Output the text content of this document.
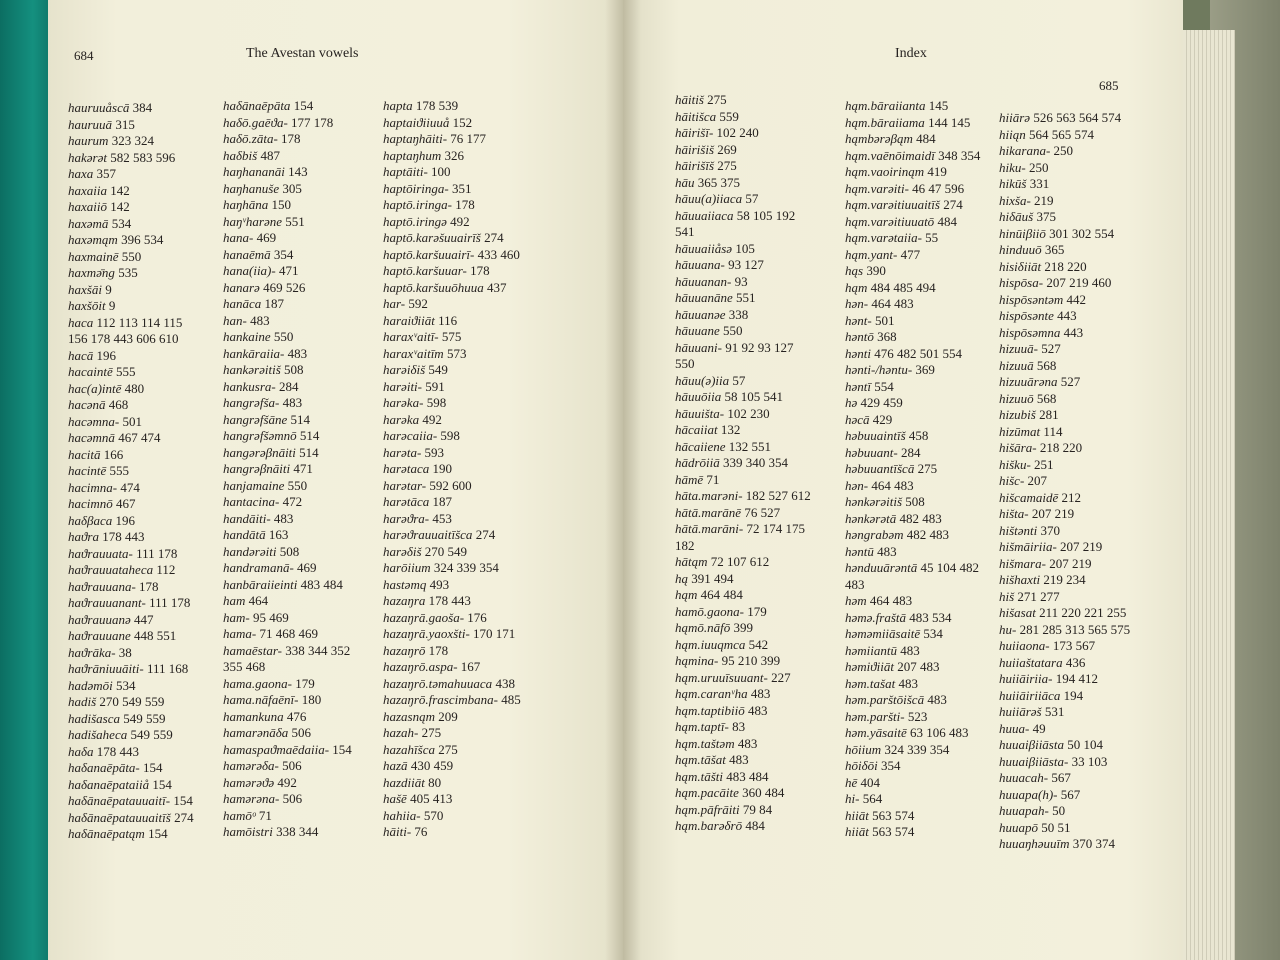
684	The Avestan vowels
hauruuåscā 384
hauruuā 315
haurum 323 324
hakərət 582 583 596
haxa 357
haxaiia 142
haxaiiō 142
haxəmā 534
haxəmąm 396 534
haxmainē 550
haxmǝ̄ng 535
haxšāi 9
haxšōit 9
haca 112 113 114 115
156 178 443 606 610
hacā 196
hacaintē 555
hac(a)intē 480
hacǝnā 468
hacǝmna- 501
hacǝmnā 467 474
hacitā 166
hacintē 555
hacimna- 474
hacimnō 467
haδβaca 196
haϑra 178 443
haϑrauuata- 111 178
haϑrauuataheca 112
haϑrauuana- 178
haϑrauuanant- 111 178
haϑrauuanə 447
haϑrauuane 448 551
haϑrāka- 38
haϑrāniuuāiti- 111 168
hadəmōi 534
hadiš 270 549 559
hadišasca 549 559
hadišaheca 549 559
haδa 178 443
haδanaēpāta- 154
haδanaēpataiiå 154
haδānaēpatauuaitī- 154
haδānaēpatauuaitīš 274
haδānaēpatąm 154
haδānaēpāta 154
haδō.gaēϑa- 177 178
haδō.zāta- 178
haδbiš 487
haŋhananāi 143
haŋhanuše 305
haŋhāna 150
haŋᵛharəne 551
hana- 469
hanaēmā 354
hana(iia)- 471
hanarə 469 526
hanāca 187
han- 483
hankaine 550
hankāraiia- 483
hankərəitiš 508
hankusra- 284
hangrəfša- 483
hangrəfšāne 514
hangrəfšəmnō 514
hangərəβnāiti 514
hangrəβnāiti 471
hanjamaine 550
hantacina- 472
handāiti- 483
handātā 163
handərəiti 508
handramanā- 469
hanbāraiieinti 483 484
ham 464
ham- 95 469
hama- 71 468 469
hamaēstar- 338 344 352
355 468
hama.gaona- 179
hama.nāfaēnī- 180
hamankuna 476
hamarənāδa 506
hamaspaϑmaēdaiia- 154
hamərəδa- 506
hamərəϑə 492
hamərəna- 506
hamōᵒ 71
hamōistri 338 344
hapta 178 539
haptaiϑiiuuå 152
haptaŋhāiti- 76 177
haptaŋhum 326
haptāiti- 100
haptōiringa- 351
haptō.iringa- 178
haptō.iringə 492
haptō.karəšuuairīš 274
haptō.karšuuairī- 433 460
haptō.karšuuar- 178
haptō.karšuuōhuua 437
har- 592
haraiϑiiāt 116
haraxᵛaitī- 575
haraxᵛaitīm 573
harəiδiš 549
harəiti- 591
harəka- 598
harəka 492
harəcaiia- 598
harəta- 593
harətaca 190
harətar- 592 600
harətāca 187
harəϑra- 453
harəϑrauuaitīšca 274
harəδiš 270 549
harōiium 324 339 354
hastəmq 493
hazaŋra 178 443
hazaŋrā.gaoša- 176
hazaŋrā.yaoxšti- 170 171
hazaŋrō 178
hazaŋrō.aspa- 167
hazaŋrō.təmahuuaca 438
hazaŋrō.frascimbana- 485
hazasnąm 209
hazah- 275
hazahīšca 275
hazā 430 459
hazdiiāt 80
hašē 405 413
hahiia- 570
hāiti- 76
Index
685
hāitiš 275
hāitišca 559
hāirišī- 102 240
hāirišiš 269
hāirišīš 275
hāu 365 375
hāuu(a)iiaca 57
hāuuaiiaca 58 105 192
541
hāuuaiiåsə 105
hāuuana- 93 127
hāuuanan- 93
hāuuanāne 551
hāuuanəe 338
hāuuane 550
hāuuani- 91 92 93 127
550
hāuu(ə)iia 57
hāuuōiia 58 105 541
hāuuišta- 102 230
hācaiiat 132
hācaiiene 132 551
hādrōiiā 339 340 354
hāmē 71
hāta.marəni- 182 527 612
hātā.marānē 76 527
hātā.marāni- 72 174 175
182
hātąm 72 107 612
hą 391 494
hąm 464 484
hamō.gaona- 179
hąmō.nāfō 399
hąm.iuuqmca 542
hąmina- 95 210 399
hąm.uruuīsuuant- 227
hąm.caranᵛha 483
hąm.taptibiiō 483
hąm.taptī- 83
hąm.taštəm 483
hąm.tāšat 483
hąm.tāšti 483 484
hąm.pacāite 360 484
hąm.pāfrāiti 79 84
hąm.barəδrō 484
hąm.bāraiianta 145
hąm.bāraiiama 144 145
hąmbərəβąm 484
hąm.vaēnōimaidī 348 354
hąm.vaoirinąm 419
hąm.varəiti- 46 47 596
hąm.varəitiuuaitīš 274
hąm.varəitiuuatō 484
hąm.varətaiia- 55
hąm.yant- 477
hąs 390
hąm 484 485 494
hən- 464 483
hənt- 501
həntō 368
hənti 476 482 501 554
hənti-/həntu- 369
həntī 554
hə 429 459
həcā 429
həbuuaintīš 458
həbuuant- 284
həbuuantīšcā 275
hən- 464 483
hənkərəitiš 508
hənkərətā 482 483
həngrabəm 482 483
həntū 483
hənduuārəntā 45 104 482
483
həm 464 483
həmə.fraštā 483 534
həməmiiāsaitē 534
həmiiantū 483
həmiϑiiāt 207 483
həm.tašat 483
həm.parštōišcā 483
həm.paršti- 523
həm.yāsaitē 63 106 483
hōiium 324 339 354
hōiδōi 354
hē 404
hi- 564
hiiāt 563 574
hiiāt 563 574
hiiārə 526 563 564 574
hiiąn 564 565 574
hikarana- 250
hiku- 250
hikūš 331
hixša- 219
hiδāuš 375
hinūiβiiō 301 302 554
hinduuō 365
hisiδiiāt 218 220
hispōsa- 207 219 460
hispōsəntəm 442
hispōsənte 443
hispōsəmna 443
hizuuā- 527
hizuuā 568
hizuuārəna 527
hizuuō 568
hizubiš 281
hizūmat 114
hišāra- 218 220
hišku- 251
hišc- 207
hišcamaidē 212
hišta- 207 219
hištənti 370
hišmāiriia- 207 219
hišmara- 207 219
hišhaxti 219 234
hiš 271 277
hišasat 211 220 221 255
hu- 281 285 313 565 575
huiiaona- 173 567
huiiaštatara 436
huiiāiriia- 194 412
huiiāiriiāca 194
huiiārəš 531
huua- 49
huuaiβiiāsta 50 104
huuaiβiiāsta- 33 103
huuacah- 567
huuapa(h)- 567
huuapah- 50
huuapō 50 51
huuaŋhəuuīm 370 374
